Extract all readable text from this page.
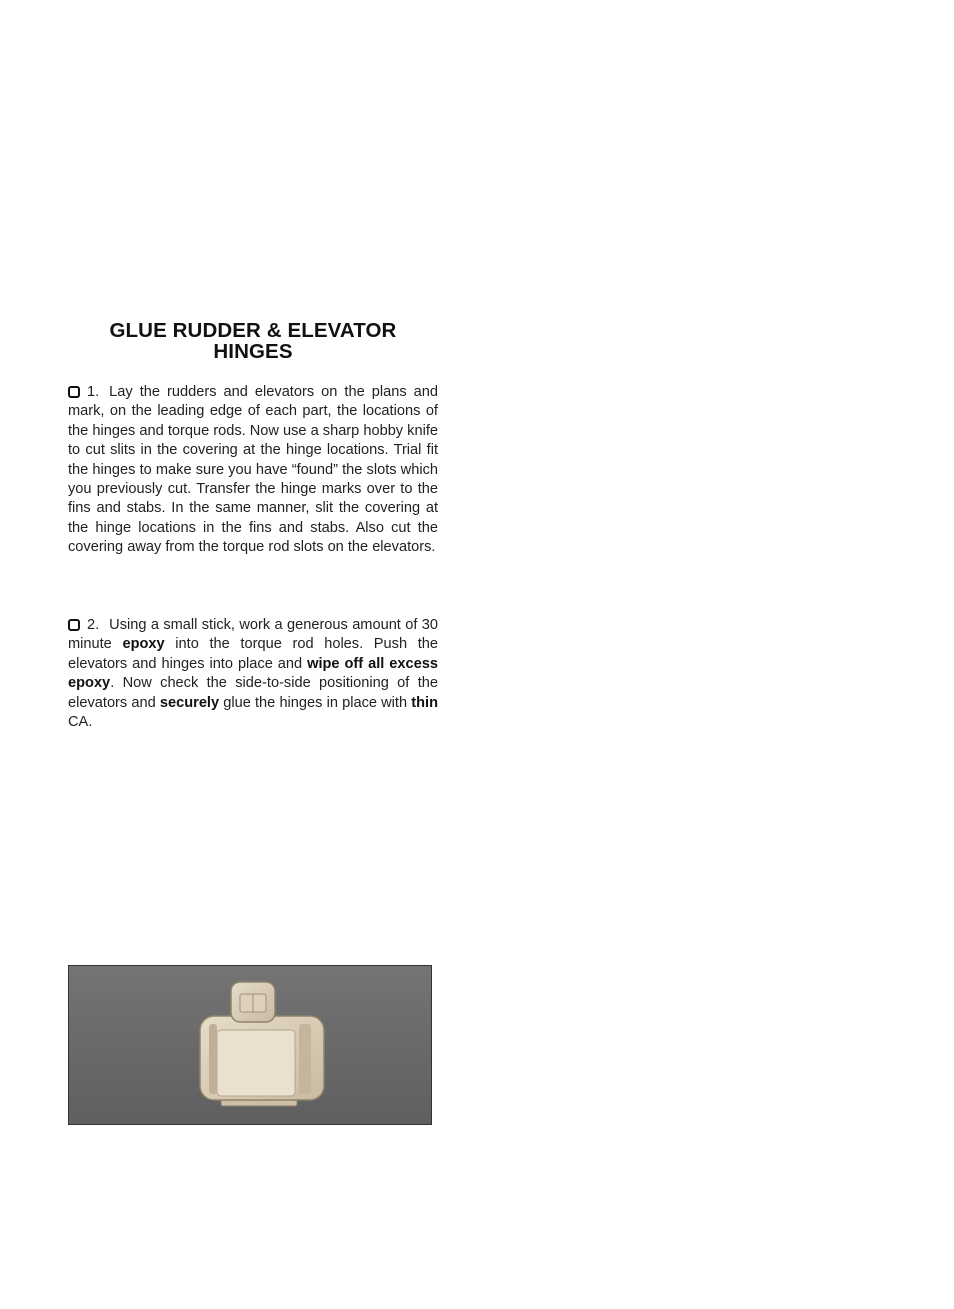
GLUE RUDDER & ELEVATOR
HINGES
1. Lay the rudders and elevators on the plans and mark, on the leading edge of each part, the locations of the hinges and torque rods. Now use a sharp hobby knife to cut slits in the covering at the hinge locations. Trial fit the hinges to make sure you have “found” the slots which you previously cut. Transfer the hinge marks over to the fins and stabs. In the same manner, slit the covering at the hinge locations in the fins and stabs. Also cut the covering away from the torque rod slots on the elevators.
2. Using a small stick, work a generous amount of 30 minute epoxy into the torque rod holes. Push the elevators and hinges into place and wipe off all excess epoxy. Now check the side-to-side positioning of the elevators and securely glue the hinges in place with thin CA.
